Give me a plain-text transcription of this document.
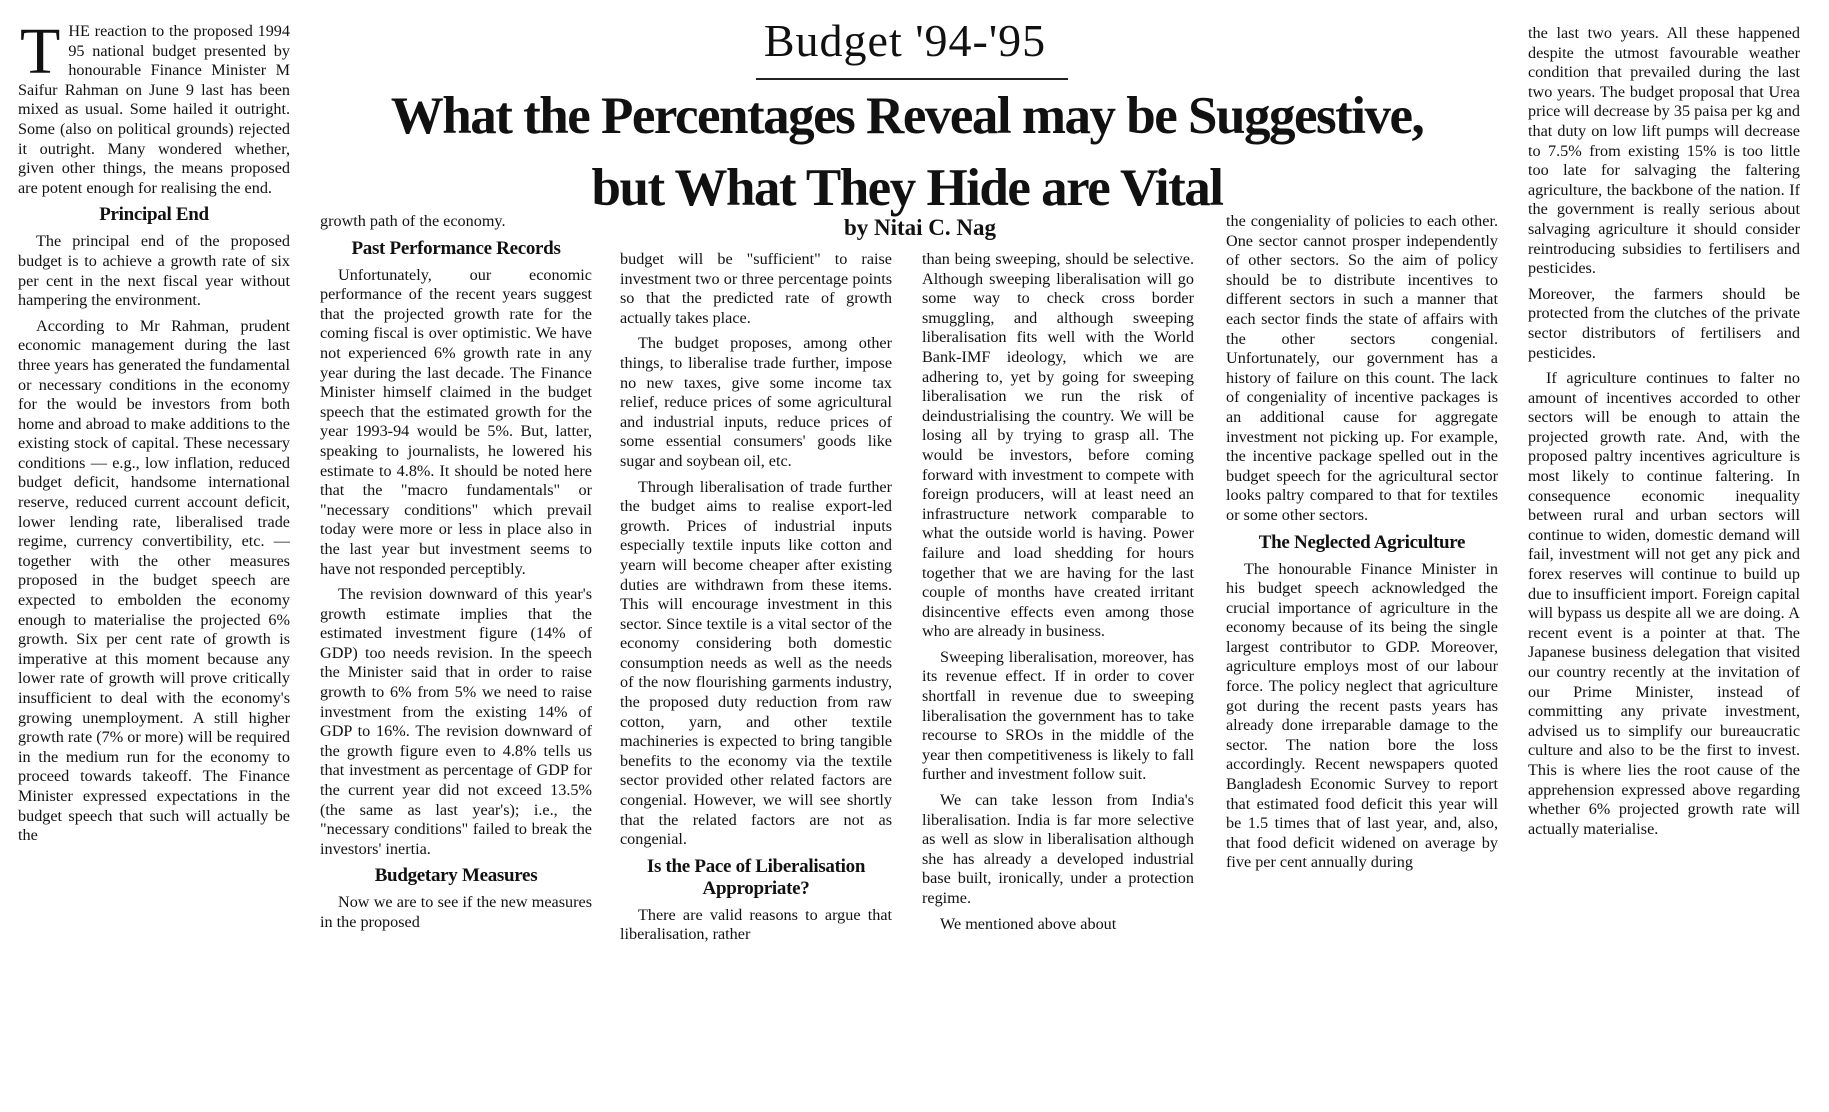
Budget '94-'95
What the Percentages Reveal may be Suggestive,
but What They Hide are Vital
by Nitai C. Nag
T HE reaction to the proposed 1994 95 national budget presented by honourable Finance Minister M Saifur Rahman on June 9 last has been mixed as usual. Some hailed it outright. Some (also on political grounds) rejected it outright. Many wondered whether, given other things, the means proposed are potent enough for realising the end.

Principal End

The principal end of the proposed budget is to achieve a growth rate of six per cent in the next fiscal year without hampering the environment.

According to Mr Rahman, prudent economic management during the last three years has generated the fundamental or necessary conditions in the economy for the would be investors from both home and abroad to make additions to the existing stock of capital. These necessary conditions — e.g., low inflation, reduced budget deficit, handsome international reserve, reduced current account deficit, lower lending rate, liberalised trade regime, currency convertibility, etc. — together with the other measures proposed in the budget speech are expected to embolden the economy enough to materialise the projected 6% growth. Six per cent rate of growth is imperative at this moment because any lower rate of growth will prove critically insufficient to deal with the economy's growing unemployment. A still higher growth rate (7% or more) will be required in the medium run for the economy to proceed towards takeoff. The Finance Minister expressed expectations in the budget speech that such will actually be the

growth path of the economy.

Past Performance Records

Unfortunately, our economic performance of the recent years suggest that the projected growth rate for the coming fiscal is over optimistic. We have not experienced 6% growth rate in any year during the last decade. The Finance Minister himself claimed in the budget speech that the estimated growth for the year 1993-94 would be 5%. But, latter, speaking to journalists, he lowered his estimate to 4.8%. It should be noted here that the "macro fundamentals" or "necessary conditions" which prevail today were more or less in place also in the last year but investment seems to have not responded perceptibly.

The revision downward of this year's growth estimate implies that the estimated investment figure (14% of GDP) too needs revision. In the speech the Minister said that in order to raise growth to 6% from 5% we need to raise investment from the existing 14% of GDP to 16%. The revision downward of the growth figure even to 4.8% tells us that investment as percentage of GDP for the current year did not exceed 13.5% (the same as last year's); i.e., the "necessary conditions" failed to break the investors' inertia.

Budgetary Measures

Now we are to see if the new measures in the proposed

budget will be "sufficient" to raise investment two or three percentage points so that the predicted rate of growth actually takes place.

The budget proposes, among other things, to liberalise trade further, impose no new taxes, give some income tax relief, reduce prices of some agricultural and industrial inputs, reduce prices of some essential consumers' goods like sugar and soybean oil, etc.

Through liberalisation of trade further the budget aims to realise export-led growth. Prices of industrial inputs especially textile inputs like cotton and yearn will become cheaper after existing duties are withdrawn from these items. This will encourage investment in this sector. Since textile is a vital sector of the economy considering both domestic consumption needs as well as the needs of the now flourishing garments industry, the proposed duty reduction from raw cotton, yarn, and other textile machineries is expected to bring tangible benefits to the economy via the textile sector provided other related factors are congenial. However, we will see shortly that the related factors are not as congenial.

Is the Pace of Liberalisation Appropriate?

There are valid reasons to argue that liberalisation, rather

than being sweeping, should be selective. Although sweeping liberalisation will go some way to check cross border smuggling, and although sweeping liberalisation fits well with the World Bank-IMF ideology, which we are adhering to, yet by going for sweeping liberalisation we run the risk of deindustrialising the country. We will be losing all by trying to grasp all. The would be investors, before coming forward with investment to compete with foreign producers, will at least need an infrastructure network comparable to what the outside world is having. Power failure and load shedding for hours together that we are having for the last couple of months have created irritant disincentive effects even among those who are already in business.

Sweeping liberalisation, moreover, has its revenue effect. If in order to cover shortfall in revenue due to sweeping liberalisation the government has to take recourse to SROs in the middle of the year then competitiveness is likely to fall further and investment follow suit.

We can take lesson from India's liberalisation. India is far more selective as well as slow in liberalisation although she has already a developed industrial base built, ironically, under a protection regime.

We mentioned above about

the congeniality of policies to each other. One sector cannot prosper independently of other sectors. So the aim of policy should be to distribute incentives to different sectors in such a manner that each sector finds the state of affairs with the other sectors congenial. Unfortunately, our government has a history of failure on this count. The lack of congeniality of incentive packages is an additional cause for aggregate investment not picking up. For example, the incentive package spelled out in the budget speech for the agricultural sector looks paltry compared to that for textiles or some other sectors.

The Neglected Agriculture

The honourable Finance Minister in his budget speech acknowledged the crucial importance of agriculture in the economy because of its being the single largest contributor to GDP. Moreover, agriculture employs most of our labour force. The policy neglect that agriculture got during the recent pasts years has already done irreparable damage to the sector. The nation bore the loss accordingly. Recent newspapers quoted Bangladesh Economic Survey to report that estimated food deficit this year will be 1.5 times that of last year, and, also, that food deficit widened on average by five per cent annually during

the last two years. All these happened despite the utmost favourable weather condition that prevailed during the last two years. The budget proposal that Urea price will decrease by 35 paisa per kg and that duty on low lift pumps will decrease to 7.5% from existing 15% is too little too late for salvaging the faltering agriculture, the backbone of the nation. If the government is really serious about salvaging agriculture it should consider reintroducing subsidies to fertilisers and pesticides.

Moreover, the farmers should be protected from the clutches of the private sector distributors of fertilisers and pesticides.

If agriculture continues to falter no amount of incentives accorded to other sectors will be enough to attain the projected growth rate. And, with the proposed paltry incentives agriculture is most likely to continue faltering. In consequence economic inequality between rural and urban sectors will continue to widen, domestic demand will fail, investment will not get any pick and forex reserves will continue to build up due to insufficient import. Foreign capital will bypass us despite all we are doing. A recent event is a pointer at that. The Japanese business delegation that visited our country recently at the invitation of our Prime Minister, instead of committing any private investment, advised us to simplify our bureaucratic culture and also to be the first to invest. This is where lies the root cause of the apprehension expressed above regarding whether 6% projected growth rate will actually materialise.
